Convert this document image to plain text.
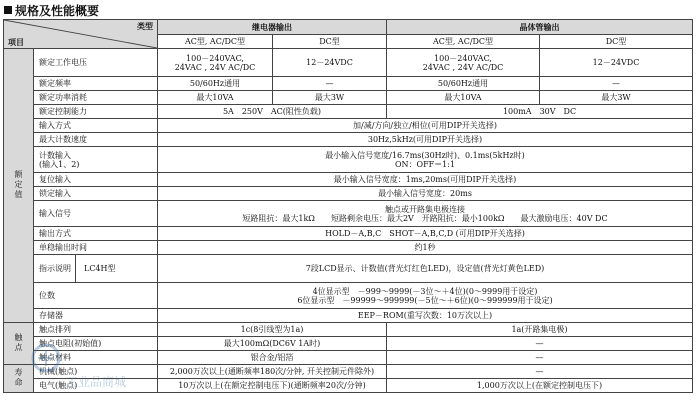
规格及性能概要
类型
项目		继电器输出		晶体管输出	
		AC型, AC/DC型	DC型	AC型, AC/DC型	DC型
额定值	额定工作电压	100－240VAC,
24VAC , 24V AC/DC	12－24VDC	100－240VAC,
24VAC , 24V AC/DC	12－24VDC
	额定频率	50/60Hz通用	—	50/60Hz通用	—
	额定功率消耗	最大10VA	最大3W	最大10VA	最大3W
	额定控制能力	5A　250V　AC(阻性负载)		100mA　30V　DC	
	输入方式	加/减/方向/独立/相位(可用DIP开关选择)			
	最大计数速度	30Hz,5kHz(可用DIP开关选择)			
	计数输入
(输入1、2)	最小输入信号宽度/16.7ms(30Hz时)、0.1ms(5kHz时)
ON：OFF＝1:1			
	复位输入	最小输入信号宽度：1ms,20ms(可用DIP开关选择)			
	锁定输入	最小输入信号宽度：20ms			
	输入信号	触点或开路集电极连接
短路阻抗：最大1kΩ　　短路剩余电压：最大2V　开路阻抗：最小100kΩ　　最大激励电压：40V DC			
	输出方式	HOLD－A,B,C　SHOT－A,B,C,D (可用DIP开关选择)			
	单稳输出时间	约1秒			

指示说明 LC4H型	7段LCD显示、计数值(背光灯红色LED)，设定值(背光灯黄色LED)			
	位数	4位显示型　－999～9999(－3位～＋4位)(0～9999用于设定)
6位显示型　－99999～999999(－5位～＋6位)(0～999999用于设定)			
	存储器	EEP－ROM(重写次数：10万次以上)			
触点	触点排列	1c(8引线型为1a)		1a(开路集电极)	
	触点电阻(初始值)	最大100mΩ(DC6V 1A时)		—	
	触点材料	银合金/铝箔		—	
寿命	机械(触点)	2,000万次以上(通断频率180次/分钟, 开关控制元件除外)		—	
	电气(触点)	10万次以上(在额定控制电压下)(通断频率20次/分钟)		1,000万次以上(在额定控制电压下)	
工业品商城
